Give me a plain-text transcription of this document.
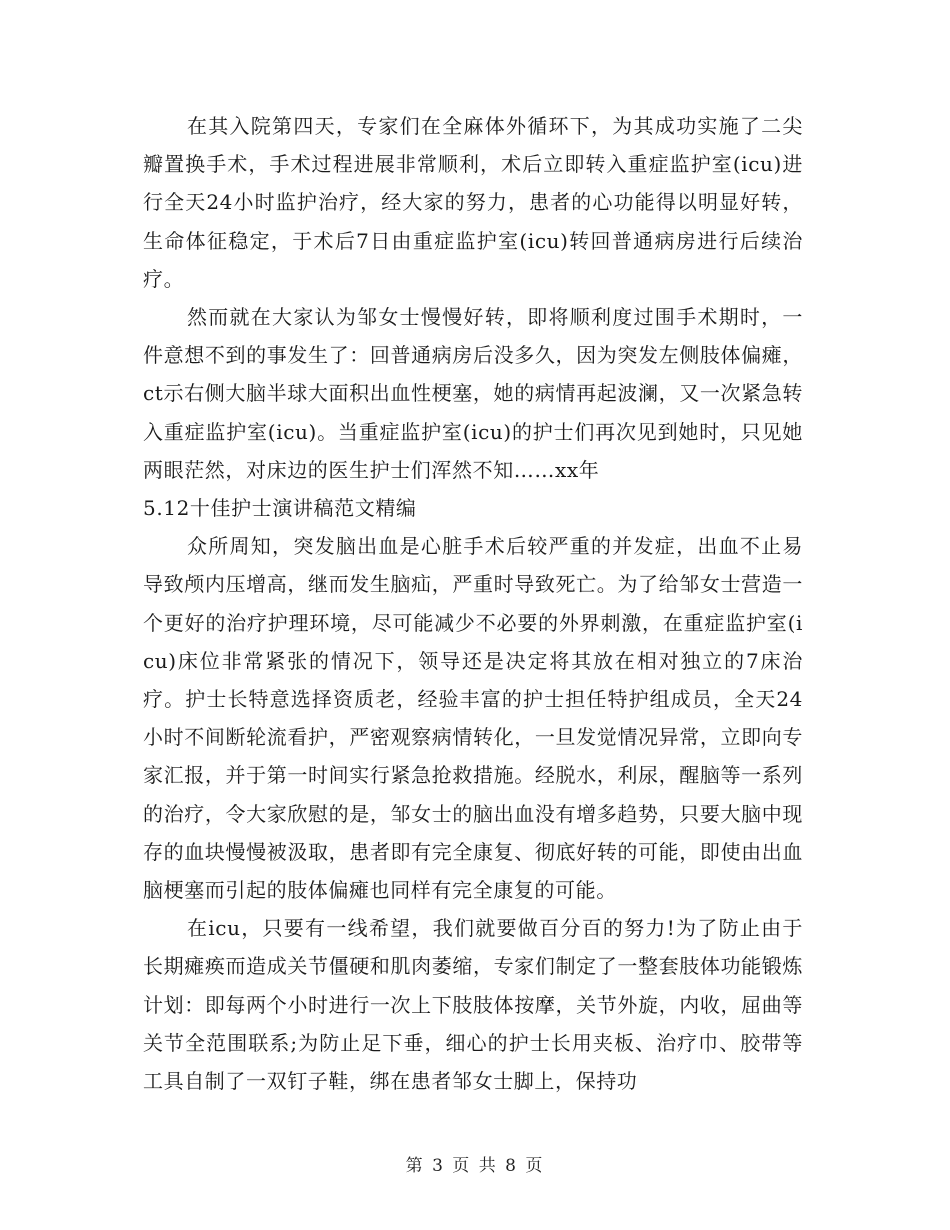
在其入院第四天，专家们在全麻体外循环下，为其成功实施了二尖瓣置换手术，手术过程进展非常顺利，术后立即转入重症监护室(icu)进行全天24小时监护治疗，经大家的努力，患者的心功能得以明显好转，生命体征稳定，于术后7日由重症监护室(icu)转回普通病房进行后续治疗。

然而就在大家认为邹女士慢慢好转，即将顺利度过围手术期时，一件意想不到的事发生了：回普通病房后没多久，因为突发左侧肢体偏瘫，ct示右侧大脑半球大面积出血性梗塞，她的病情再起波澜，又一次紧急转入重症监护室(icu)。当重症监护室(icu)的护士们再次见到她时，只见她两眼茫然，对床边的医生护士们浑然不知……xx年

5.12十佳护士演讲稿范文精编

众所周知，突发脑出血是心脏手术后较严重的并发症，出血不止易导致颅内压增高，继而发生脑疝，严重时导致死亡。为了给邹女士营造一个更好的治疗护理环境，尽可能减少不必要的外界刺激，在重症监护室(icu)床位非常紧张的情况下，领导还是决定将其放在相对独立的7床治疗。护士长特意选择资质老，经验丰富的护士担任特护组成员，全天24小时不间断轮流看护，严密观察病情转化，一旦发觉情况异常，立即向专家汇报，并于第一时间实行紧急抢救措施。经脱水，利尿，醒脑等一系列的治疗，令大家欣慰的是，邹女士的脑出血没有增多趋势，只要大脑中现存的血块慢慢被汲取，患者即有完全康复、彻底好转的可能，即使由出血脑梗塞而引起的肢体偏瘫也同样有完全康复的可能。

在icu，只要有一线希望，我们就要做百分百的努力!为了防止由于长期瘫痪而造成关节僵硬和肌肉萎缩，专家们制定了一整套肢体功能锻炼计划：即每两个小时进行一次上下肢肢体按摩，关节外旋，内收，屈曲等关节全范围联系;为防止足下垂，细心的护士长用夹板、治疗巾、胶带等工具自制了一双钉子鞋，绑在患者邹女士脚上，保持功

第 3 页 共 8 页
